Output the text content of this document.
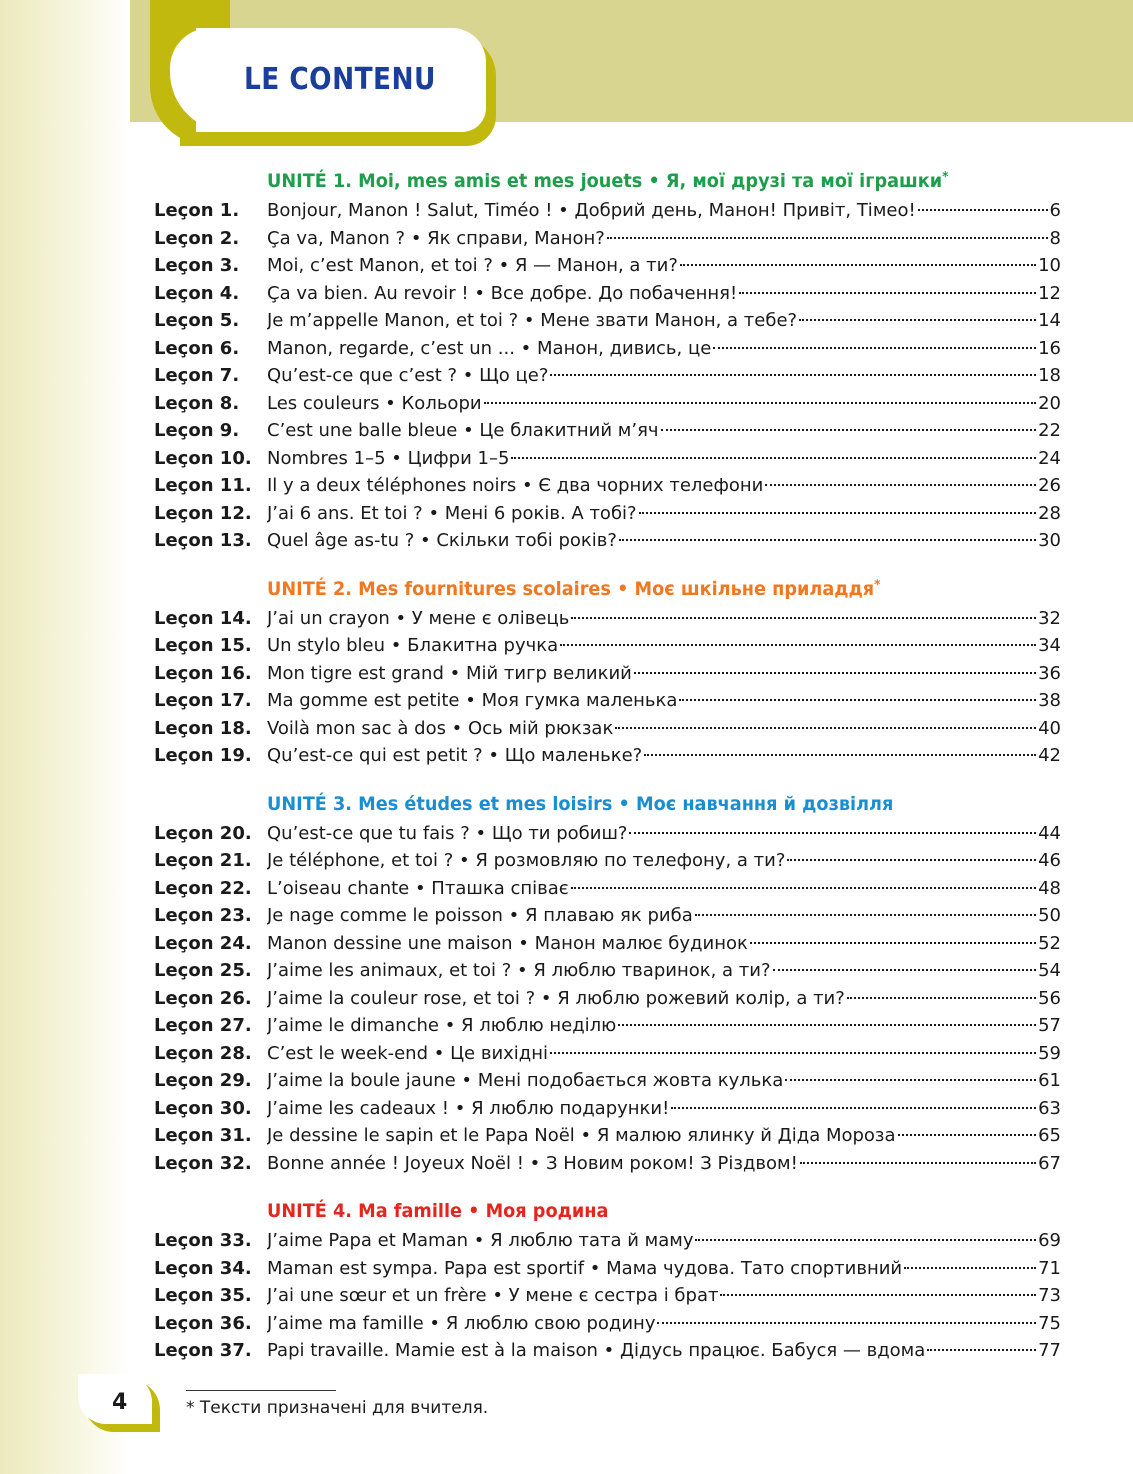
LE CONTENU
UNITÉ 1. Moi, mes amis et mes jouets • Я, мої друзі та мої іграшки*
Leçon 1. Bonjour, Manon ! Salut, Timéo ! • Добрий день, Манон! Привіт, Тімео!	6
Leçon 2. Ça va, Manon ? • Як справи, Манон?	8
Leçon 3. Moi, c’est Manon, et toi ? • Я — Манон, а ти?	10
Leçon 4. Ça va bien. Au revoir ! • Все добре. До побачення!	12
Leçon 5. Je m’appelle Manon, et toi ? • Мене звати Манон, а тебе?	14
Leçon 6. Manon, regarde, c’est un ... • Манон, дивись, це	16
Leçon 7. Qu’est-ce que c’est ? • Що це?	18
Leçon 8. Les couleurs • Кольори	20
Leçon 9. C’est une balle bleue • Це блакитний м’яч	22
Leçon 10. Nombres 1–5 • Цифри 1–5	24
Leçon 11. Il y a deux téléphones noirs • Є два чорних телефони	26
Leçon 12. J’ai 6 ans. Et toi ? • Мені 6 років. А тобі?	28
Leçon 13. Quel âge as-tu ? • Скільки тобі років?	30
UNITÉ 2. Mes fournitures scolaires • Моє шкільне приладдя*
Leçon 14. J’ai un crayon • У мене є олівець	32
Leçon 15. Un stylo bleu • Блакитна ручка	34
Leçon 16. Mon tigre est grand • Мій тигр великий	36
Leçon 17. Ma gomme est petite • Моя гумка маленька	38
Leçon 18. Voilà mon sac à dos • Ось мій рюкзак	40
Leçon 19. Qu’est-ce qui est petit ? • Що маленьке?	42
UNITÉ 3. Mes études et mes loisirs • Моє навчання й дозвілля
Leçon 20. Qu’est-ce que tu fais ? • Що ти робиш?	44
Leçon 21. Je téléphone, et toi ? • Я розмовляю по телефону, а ти?	46
Leçon 22. L’oiseau chante • Пташка співає	48
Leçon 23. Je nage comme le poisson • Я плаваю як риба	50
Leçon 24. Manon dessine une maison • Манон малює будинок	52
Leçon 25. J’aime les animaux, et toi ? • Я люблю тваринок, а ти?	54
Leçon 26. J’aime la couleur rose, et toi ? • Я люблю рожевий колір, а ти?	56
Leçon 27. J’aime le dimanche • Я люблю неділю	57
Leçon 28. C’est le week-end • Це вихідні	59
Leçon 29. J’aime la boule jaune • Мені подобається жовта кулька	61
Leçon 30. J’aime les cadeaux ! • Я люблю подарунки!	63
Leçon 31. Je dessine le sapin et le Papa Noël • Я малюю ялинку й Діда Мороза	65
Leçon 32. Bonne année ! Joyeux Noël ! • З Новим роком! З Різдвом!	67
UNITÉ 4. Ma famille • Моя родина
Leçon 33. J’aime Papa et Maman • Я люблю тата й маму	69
Leçon 34. Maman est sympa. Papa est sportif • Мама чудова. Тато спортивний	71
Leçon 35. J’ai une sœur et un frère • У мене є сестра і брат	73
Leçon 36. J’aime ma famille • Я люблю свою родину	75
Leçon 37. Papi travaille. Mamie est à la maison • Дідусь працює. Бабуся — вдома	77

* Тексти призначені для вчителя.

4
